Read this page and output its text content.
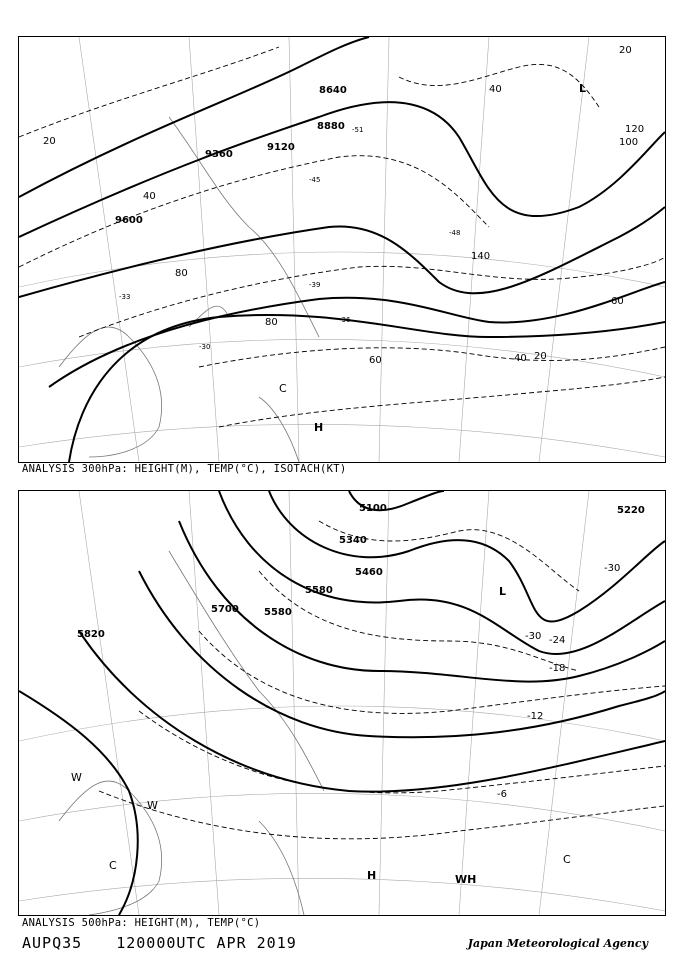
8640
8880
9120
9360
9600
20
20
20
40
40
40
60
60
80
80
100
120
140
-51
-48
-45
-39
-36
-33
-30
H
L
C
ANALYSIS 300hPa: HEIGHT(M), TEMP(°C), ISOTACH(KT)
5100	5220
5340
5460
5580
5580
5700
5820
-30
-30 -24
-18
-12
-6
H	WH
L
C
C
W
W
ANALYSIS 500hPa: HEIGHT(M), TEMP(°C)
AUPQ35 120000UTC APR 2019	Japan Meteorological Agency
